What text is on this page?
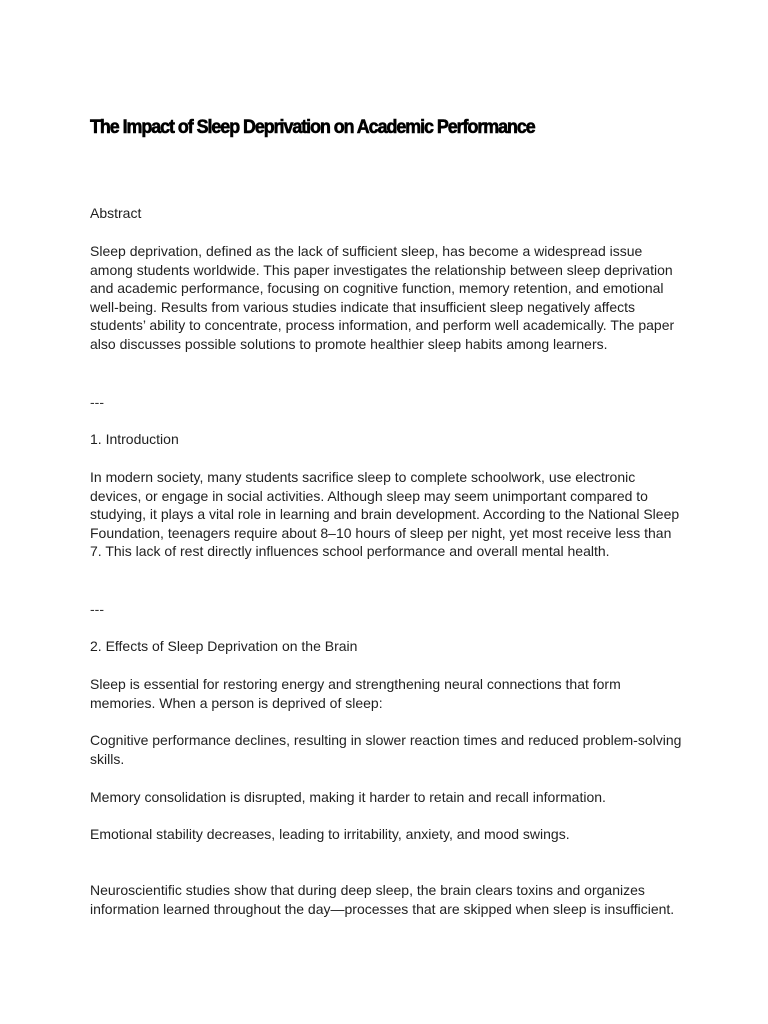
The Impact of Sleep Deprivation on Academic Performance

Abstract

Sleep deprivation, defined as the lack of sufficient sleep, has become a widespread issue among students worldwide. This paper investigates the relationship between sleep deprivation and academic performance, focusing on cognitive function, memory retention, and emotional well-being. Results from various studies indicate that insufficient sleep negatively affects students’ ability to concentrate, process information, and perform well academically. The paper also discusses possible solutions to promote healthier sleep habits among learners.

---

1. Introduction

In modern society, many students sacrifice sleep to complete schoolwork, use electronic devices, or engage in social activities. Although sleep may seem unimportant compared to studying, it plays a vital role in learning and brain development. According to the National Sleep Foundation, teenagers require about 8–10 hours of sleep per night, yet most receive less than 7. This lack of rest directly influences school performance and overall mental health.

---

2. Effects of Sleep Deprivation on the Brain

Sleep is essential for restoring energy and strengthening neural connections that form memories. When a person is deprived of sleep:

Cognitive performance declines, resulting in slower reaction times and reduced problem-solving skills.

Memory consolidation is disrupted, making it harder to retain and recall information.

Emotional stability decreases, leading to irritability, anxiety, and mood swings.

Neuroscientific studies show that during deep sleep, the brain clears toxins and organizes information learned throughout the day—processes that are skipped when sleep is insufficient.
